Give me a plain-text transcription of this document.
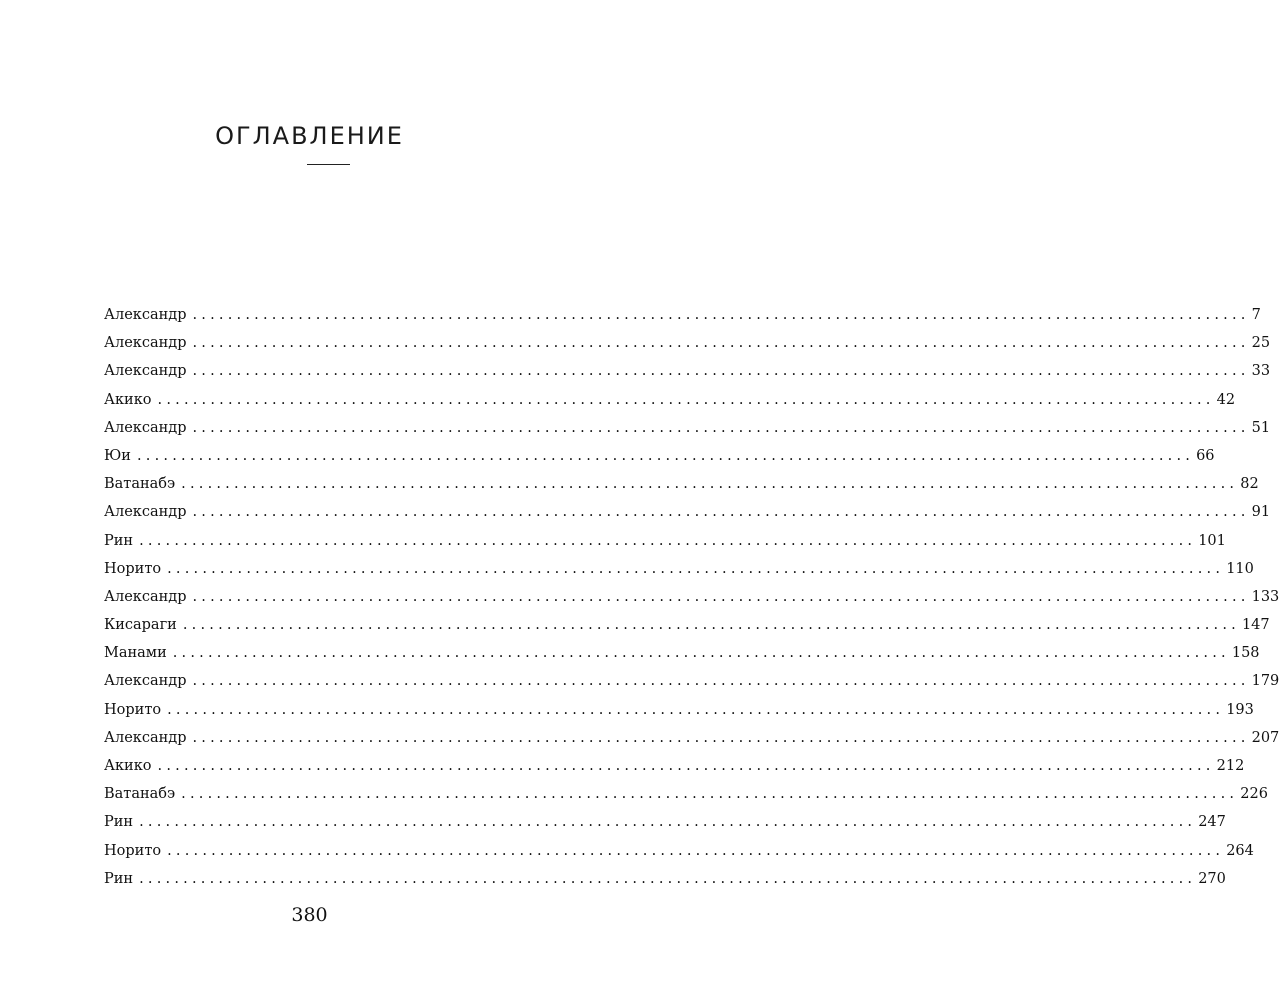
ОГЛАВЛЕНИЕ
Александр ........................................................................................................................ 7
Александр ........................................................................................................................ 25
Александр ........................................................................................................................ 33
Акико ........................................................................................................................ 42
Александр ........................................................................................................................ 51
Юи ........................................................................................................................ 66
Ватанабэ ........................................................................................................................ 82
Александр ........................................................................................................................ 91
Рин ........................................................................................................................ 101
Норито ........................................................................................................................ 110
Александр ........................................................................................................................ 133
Кисараги ........................................................................................................................ 147
Манами ........................................................................................................................ 158
Александр ........................................................................................................................ 179
Норито ........................................................................................................................ 193
Александр ........................................................................................................................ 207
Акико ........................................................................................................................ 212
Ватанабэ ........................................................................................................................ 226
Рин ........................................................................................................................ 247
Норито ........................................................................................................................ 264
Рин ........................................................................................................................ 270
380
